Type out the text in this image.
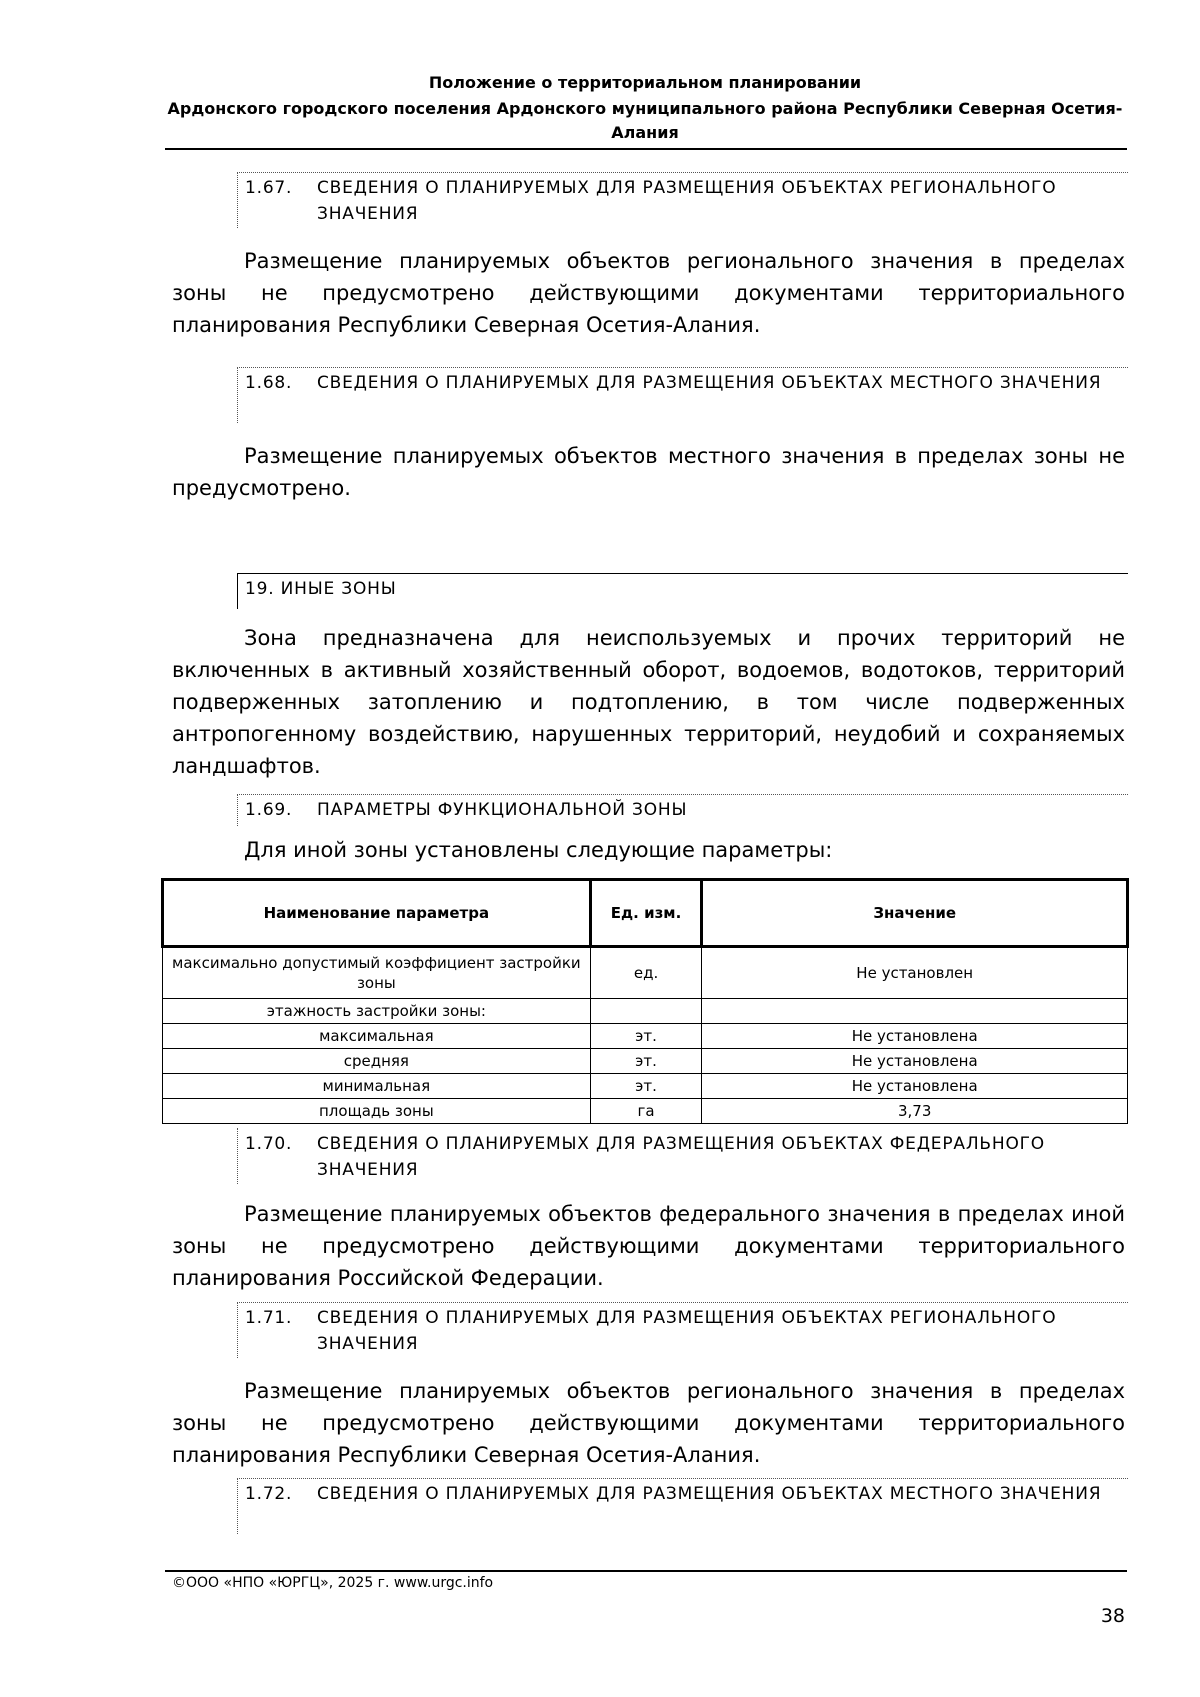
Положение о территориальном планировании
Ардонского городского поселения Ардонского муниципального района Республики Северная Осетия-
Алания
1.67. СВЕДЕНИЯ О ПЛАНИРУЕМЫХ ДЛЯ РАЗМЕЩЕНИЯ ОБЪЕКТАХ РЕГИОНАЛЬНОГО ЗНАЧЕНИЯ
Размещение планируемых объектов регионального значения в пределах зоны не предусмотрено действующими документами территориального планирования Республики Северная Осетия-Алания.
1.68. СВЕДЕНИЯ О ПЛАНИРУЕМЫХ ДЛЯ РАЗМЕЩЕНИЯ ОБЪЕКТАХ МЕСТНОГО ЗНАЧЕНИЯ
Размещение планируемых объектов местного значения в пределах зоны не предусмотрено.
19. ИНЫЕ ЗОНЫ
Зона предназначена для неиспользуемых и прочих территорий не включенных в активный хозяйственный оборот, водоемов, водотоков, территорий подверженных затоплению и подтоплению, в том числе подверженных антропогенному воздействию, нарушенных территорий, неудобий и сохраняемых ландшафтов.
1.69. ПАРАМЕТРЫ ФУНКЦИОНАЛЬНОЙ ЗОНЫ
Для иной зоны установлены следующие параметры:
Наименование параметра	Ед. изм.	Значение
максимально допустимый коэффициент застройки зоны	ед.	Не установлен
этажность застройки зоны:		
максимальная	эт.	Не установлена
средняя	эт.	Не установлена
минимальная	эт.	Не установлена
площадь зоны	га	3,73
1.70. СВЕДЕНИЯ О ПЛАНИРУЕМЫХ ДЛЯ РАЗМЕЩЕНИЯ ОБЪЕКТАХ ФЕДЕРАЛЬНОГО ЗНАЧЕНИЯ
Размещение планируемых объектов федерального значения в пределах иной зоны не предусмотрено действующими документами территориального планирования Российской Федерации.
1.71. СВЕДЕНИЯ О ПЛАНИРУЕМЫХ ДЛЯ РАЗМЕЩЕНИЯ ОБЪЕКТАХ РЕГИОНАЛЬНОГО ЗНАЧЕНИЯ
Размещение планируемых объектов регионального значения в пределах зоны не предусмотрено действующими документами территориального планирования Республики Северная Осетия-Алания.
1.72. СВЕДЕНИЯ О ПЛАНИРУЕМЫХ ДЛЯ РАЗМЕЩЕНИЯ ОБЪЕКТАХ МЕСТНОГО ЗНАЧЕНИЯ
©ООО «НПО «ЮРГЦ», 2025 г. www.urgc.info
38
